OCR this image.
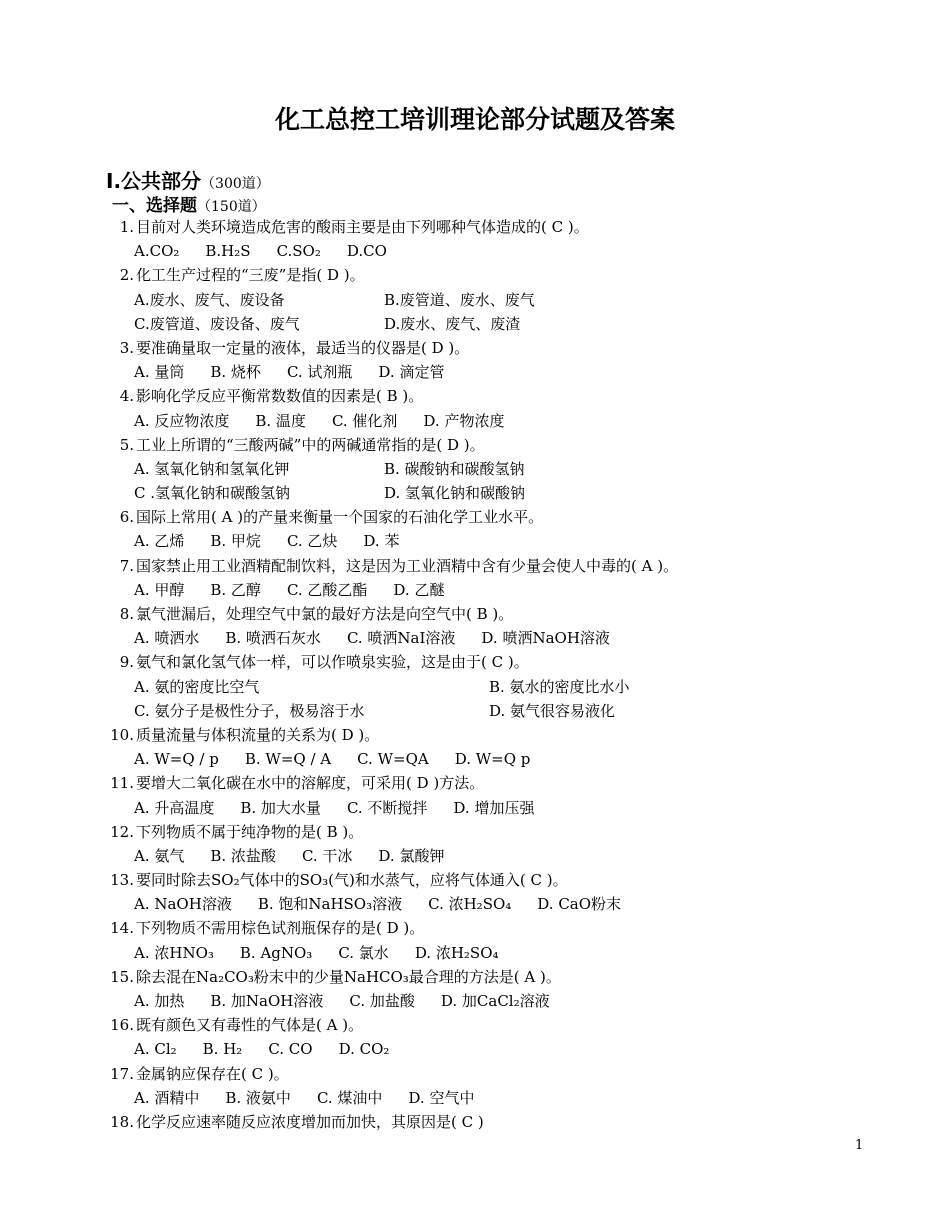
化工总控工培训理论部分试题及答案
Ⅰ.公共部分（300道）
一、选择题（150道）
1. 目前对人类环境造成危害的酸雨主要是由下列哪种气体造成的( C )。
A.CO₂ B.H₂S C.SO₂ D.CO
2. 化工生产过程的“三废”是指( D )。
A.废水、废气、废设备	B.废管道、废水、废气
C.废管道、废设备、废气	D.废水、废气、废渣
3. 要准确量取一定量的液体，最适当的仪器是( D )。
A. 量筒 B. 烧杯 C. 试剂瓶 D. 滴定管
4. 影响化学反应平衡常数数值的因素是( B )。
A. 反应物浓度 B. 温度 C. 催化剂 D. 产物浓度
5. 工业上所谓的“三酸两碱”中的两碱通常指的是( D )。
A. 氢氧化钠和氢氧化钾	B. 碳酸钠和碳酸氢钠
C .氢氧化钠和碳酸氢钠	D. 氢氧化钠和碳酸钠
6. 国际上常用( A )的产量来衡量一个国家的石油化学工业水平。
A. 乙烯 B. 甲烷 C. 乙炔 D. 苯
7. 国家禁止用工业酒精配制饮料，这是因为工业酒精中含有少量会使人中毒的( A )。
A. 甲醇 B. 乙醇 C. 乙酸乙酯 D. 乙醚
8. 氯气泄漏后，处理空气中氯的最好方法是向空气中( B )。
A. 喷洒水 B. 喷洒石灰水 C. 喷洒NaI溶液 D. 喷洒NaOH溶液
9. 氨气和氯化氢气体一样，可以作喷泉实验，这是由于( C )。
A. 氨的密度比空气	B. 氨水的密度比水小
C. 氨分子是极性分子，极易溶于水	D. 氨气很容易液化
10. 质量流量与体积流量的关系为( D )。
A. W=Q / p B. W=Q / A C. W=QA D. W=Q p
11. 要增大二氧化碳在水中的溶解度，可采用( D )方法。
A. 升高温度 B. 加大水量 C. 不断搅拌 D. 增加压强
12. 下列物质不属于纯净物的是( B )。
A. 氨气 B. 浓盐酸 C. 干冰 D. 氯酸钾
13. 要同时除去SO₂气体中的SO₃(气)和水蒸气，应将气体通入( C )。
A. NaOH溶液 B. 饱和NaHSO₃溶液 C. 浓H₂SO₄ D. CaO粉末
14. 下列物质不需用棕色试剂瓶保存的是( D )。
A. 浓HNO₃ B. AgNO₃ C. 氯水 D. 浓H₂SO₄
15. 除去混在Na₂CO₃粉末中的少量NaHCO₃最合理的方法是( A )。
A. 加热 B. 加NaOH溶液 C. 加盐酸 D. 加CaCl₂溶液
16. 既有颜色又有毒性的气体是( A )。
A. Cl₂ B. H₂ C. CO D. CO₂
17. 金属钠应保存在( C )。
A. 酒精中 B. 液氨中 C. 煤油中 D. 空气中
18. 化学反应速率随反应浓度增加而加快，其原因是( C )
1
